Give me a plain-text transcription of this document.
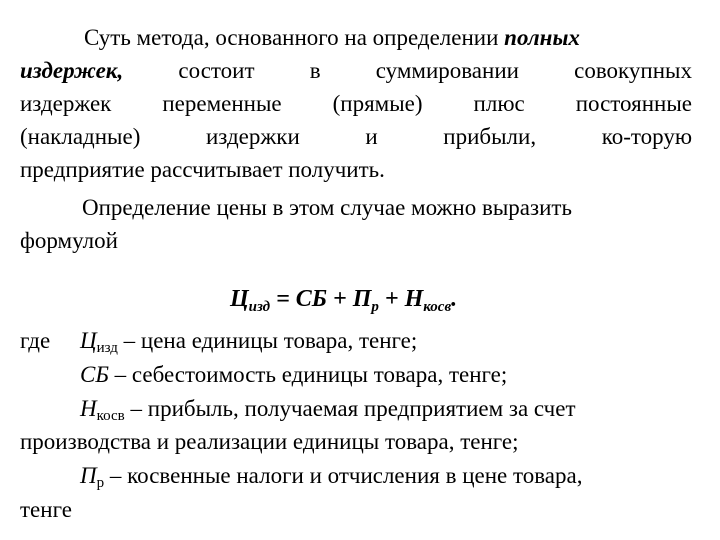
Суть метода, основанного на определении полных
издержек, состоит в суммировании совокупных
издержек переменные (прямые) плюс постоянные
(накладные)	издержки	и	прибыли,	ко-торую
предприятие рассчитывает получить.
Определение цены в этом случае можно выразить
формулой
$Ц_{изд}$ = СБ + $П_р + Н_{косв}$.
где $Ц_{изд}$ – цена единицы товара, тенге;
СБ – себестоимость единицы товара, тенге;
$Н_{косв}$ – прибыль, получаемая предприятием за счет
производства и реализации единицы товара, тенге;
$П_р$ – косвенные налоги и отчисления в цене товара,
тенге
